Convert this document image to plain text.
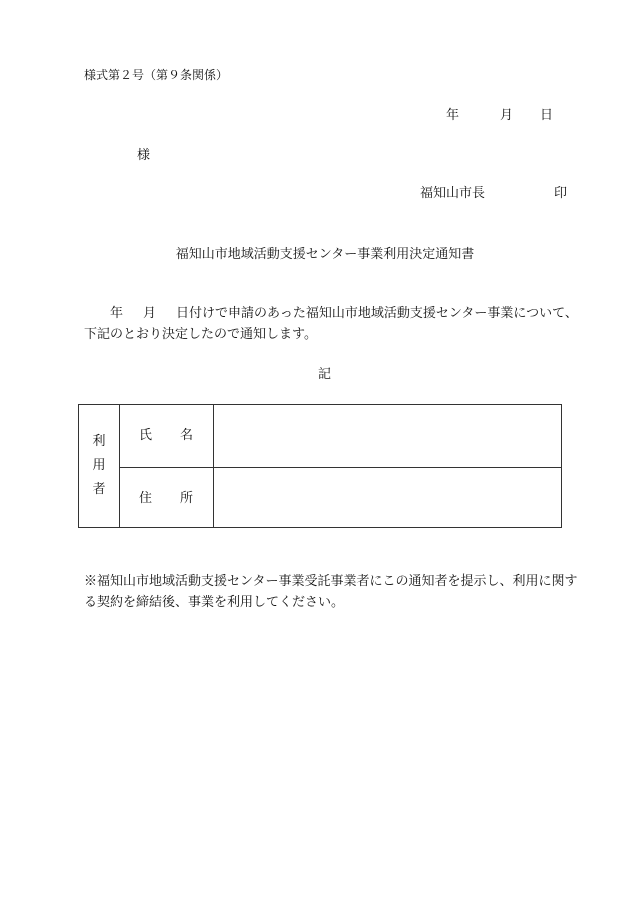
様式第２号（第９条関係）
年	月 日
様
福知山市長	印
福知山市地域活動支援センター事業利用決定通知書
年 月 日付けで申請のあった福知山市地域活動支援センター事業について、
下記のとおり決定したので通知します。
記
利
用
者
氏 名
住 所
※福知山市地域活動支援センター事業受託事業者にこの通知者を提示し、利用に関する契約を締結後、事業を利用してください。
